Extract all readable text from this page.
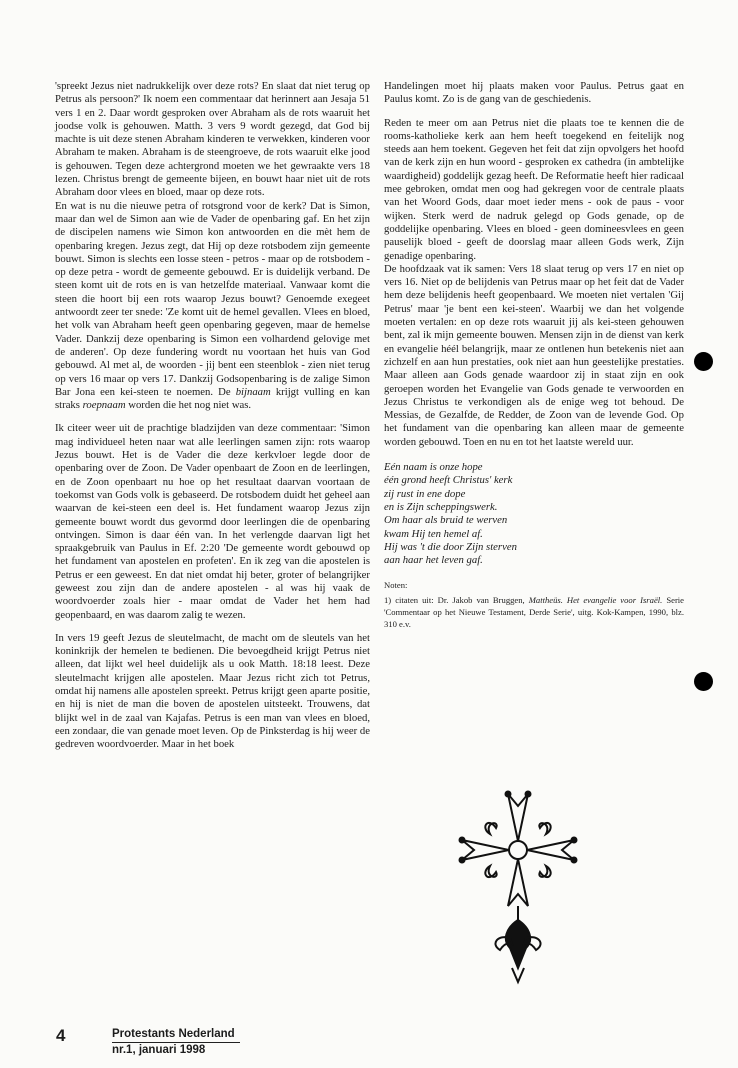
'spreekt Jezus niet nadrukkelijk over deze rots? En slaat dat niet terug op Petrus als persoon?' Ik noem een commentaar dat herinnert aan Jesaja 51 vers 1 en 2. Daar wordt gesproken over Abraham als de rots waaruit het joodse volk is gehouwen. Matth. 3 vers 9 wordt gezegd, dat God bij machte is uit deze stenen Abraham kinderen te verwekken, kinderen voor Abraham te maken. Abraham is de steengroeve, de rots waaruit elke jood is gehouwen. Tegen deze achtergrond moeten we het gewraakte vers 18 lezen. Christus brengt de gemeente bijeen, en bouwt haar niet uit de rots Abraham door vlees en bloed, maar op deze rots.

En wat is nu die nieuwe petra of rotsgrond voor de kerk? Dat is Simon, maar dan wel de Simon aan wie de Vader de openbaring gaf. En het zijn de discipelen namens wie Simon kon antwoorden en die mèt hem de openbaring kregen. Jezus zegt, dat Hij op deze rotsbodem zijn gemeente bouwt. Simon is slechts een losse steen - petros - maar op de rotsbodem - op deze petra - wordt de gemeente gebouwd. Er is duidelijk verband. De steen komt uit de rots en is van hetzelfde materiaal. Vanwaar komt die steen die hoort bij een rots waarop Jezus bouwt? Genoemde exegeet antwoordt zeer ter snede: 'Ze komt uit de hemel gevallen. Vlees en bloed, het volk van Abraham heeft geen openbaring gegeven, maar de hemelse Vader. Dankzij deze openbaring is Simon een volhardend gelovige met de anderen'. Op deze fundering wordt nu voortaan het huis van God gebouwd. Al met al, de woorden - jij bent een steenblok - zien niet terug op vers 16 maar op vers 17. Dankzij Godsopenbaring is de zalige Simon Bar Jona een kei-steen te noemen. De bijnaam krijgt vulling en kan straks roepnaam worden die het nog niet was.

Ik citeer weer uit de prachtige bladzijden van deze commentaar: 'Simon mag individueel heten naar wat alle leerlingen samen zijn: rots waarop Jezus bouwt. Het is de Vader die deze kerkvloer legde door de openbaring over de Zoon. De Vader openbaart de Zoon en de leerlingen, en de Zoon openbaart nu hoe op het resultaat daarvan voortaan de toekomst van Gods volk is gebaseerd. De rotsbodem duidt het geheel aan waarvan de kei-steen een deel is. Het fundament waarop Jezus zijn gemeente bouwt wordt dus gevormd door leerlingen die de openbaring ontvingen. Simon is daar één van. In het verlengde daarvan ligt het spraakgebruik van Paulus in Ef. 2:20 'De gemeente wordt gebouwd op het fundament van apostelen en profeten'. En ik zeg van die apostelen is Petrus er een geweest. En dat niet omdat hij beter, groter of belangrijker geweest zou zijn dan de andere apostelen - al was hij vaak de woordvoerder zoals hier - maar omdat de Vader het hem had geopenbaard, en was daarom zalig te wezen.

In vers 19 geeft Jezus de sleutelmacht, de macht om de sleutels van het koninkrijk der hemelen te bedienen. Die bevoegdheid krijgt Petrus niet alleen, dat lijkt wel heel duidelijk als u ook Matth. 18:18 leest. Deze sleutelmacht krijgen alle apostelen. Maar Jezus richt zich tot Petrus, omdat hij namens alle apostelen spreekt. Petrus krijgt geen aparte positie, en hij is niet de man die boven de apostelen uitsteekt. Trouwens, dat blijkt wel in de zaal van Kajafas. Petrus is een man van vlees en bloed, een zondaar, die van genade moet leven. Op de Pinksterdag is hij weer de gedreven woordvoerder. Maar in het boek

Handelingen moet hij plaats maken voor Paulus. Petrus gaat en Paulus komt. Zo is de gang van de geschiedenis.

Reden te meer om aan Petrus niet die plaats toe te kennen die de rooms-katholieke kerk aan hem heeft toegekend en feitelijk nog steeds aan hem toekent. Gegeven het feit dat zijn opvolgers het hoofd van de kerk zijn en hun woord - gesproken ex cathedra (in ambtelijke waardigheid) goddelijk gezag heeft. De Reformatie heeft hier radicaal mee gebroken, omdat men oog had gekregen voor de centrale plaats van het Woord Gods, daar moet ieder mens - ook de paus - voor wijken. Sterk werd de nadruk gelegd op Gods genade, op de goddelijke openbaring. Vlees en bloed - geen domineesvlees en geen pauselijk bloed - geeft de doorslag maar alleen Gods werk, Zijn genadige openbaring.

De hoofdzaak vat ik samen: Vers 18 slaat terug op vers 17 en niet op vers 16. Niet op de belijdenis van Petrus maar op het feit dat de Vader hem deze belijdenis heeft geopenbaard. We moeten niet vertalen 'Gij Petrus' maar 'je bent een kei-steen'. Waarbij we dan het volgende moeten vertalen: en op deze rots waaruit jij als kei-steen gehouwen bent, zal ik mijn gemeente bouwen. Mensen zijn in de dienst van kerk en evangelie héél belangrijk, maar ze ontlenen hun betekenis niet aan zichzelf en aan hun prestaties, ook niet aan hun geestelijke prestaties. Maar alleen aan Gods genade waardoor zij in staat zijn en ook geroepen worden het Evangelie van Gods genade te verwoorden en Jezus Christus te verkondigen als de enige weg tot behoud. De Messias, de Gezalfde, de Redder, de Zoon van de levende God. Op het fundament van die openbaring kan alleen maar de gemeente worden gebouwd. Toen en nu en tot het laatste wereld uur.

Eén naam is onze hope
één grond heeft Christus' kerk
zij rust in ene dope
en is Zijn scheppingswerk.
Om haar als bruid te werven
kwam Hij ten hemel af.
Hij was 't die door Zijn sterven
aan haar het leven gaf.
Noten:
1) citaten uit: Dr. Jakob van Bruggen, Mattheüs. Het evangelie voor Israël. Serie 'Commentaar op het Nieuwe Testament, Derde Serie', uitg. Kok-Kampen, 1990, blz. 310 e.v.
4	Protestants Nederland
nr.1, januari 1998
